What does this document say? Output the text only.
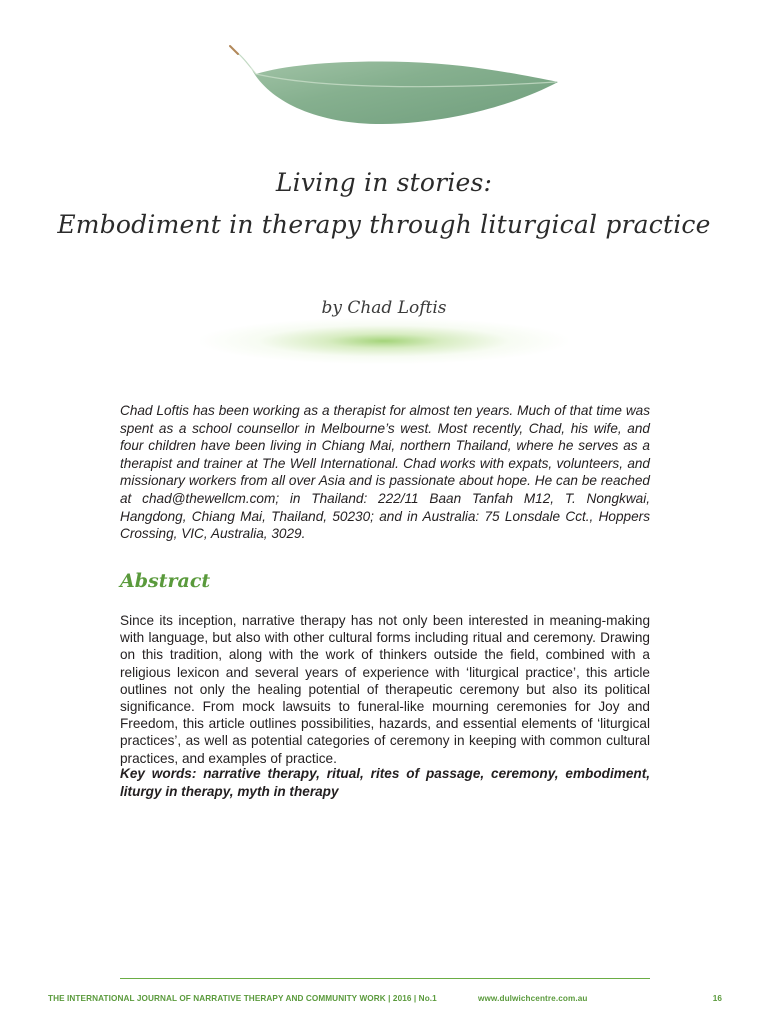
Living in stories:
Embodiment in therapy through liturgical practice
by Chad Loftis

Chad Loftis has been working as a therapist for almost ten years. Much of that time was spent as a school counsellor in Melbourne’s west. Most recently, Chad, his wife, and four children have been living in Chiang Mai, northern Thailand, where he serves as a therapist and trainer at The Well International. Chad works with expats, volunteers, and missionary workers from all over Asia and is passionate about hope. He can be reached at chad@thewellcm.com; in Thailand: 222/11 Baan Tanfah M12, T. Nongkwai, Hangdong, Chiang Mai, Thailand, 50230; and in Australia: 75 Lonsdale Cct., Hoppers Crossing, VIC, Australia, 3029.

Abstract

Since its inception, narrative therapy has not only been interested in meaning-making with language, but also with other cultural forms including ritual and ceremony. Drawing on this tradition, along with the work of thinkers outside the field, combined with a religious lexicon and several years of experience with ‘liturgical practice’, this article outlines not only the healing potential of therapeutic ceremony but also its political significance. From mock lawsuits to funeral-like mourning ceremonies for Joy and Freedom, this article outlines possibilities, hazards, and essential elements of ‘liturgical practices’, as well as potential categories of ceremony in keeping with common cultural practices, and examples of practice.

Key words: narrative therapy, ritual, rites of passage, ceremony, embodiment, liturgy in therapy, myth in therapy

THE INTERNATIONAL JOURNAL OF NARRATIVE THERAPY AND COMMUNITY WORK | 2016 | No.1	www.dulwichcentre.com.au	16
